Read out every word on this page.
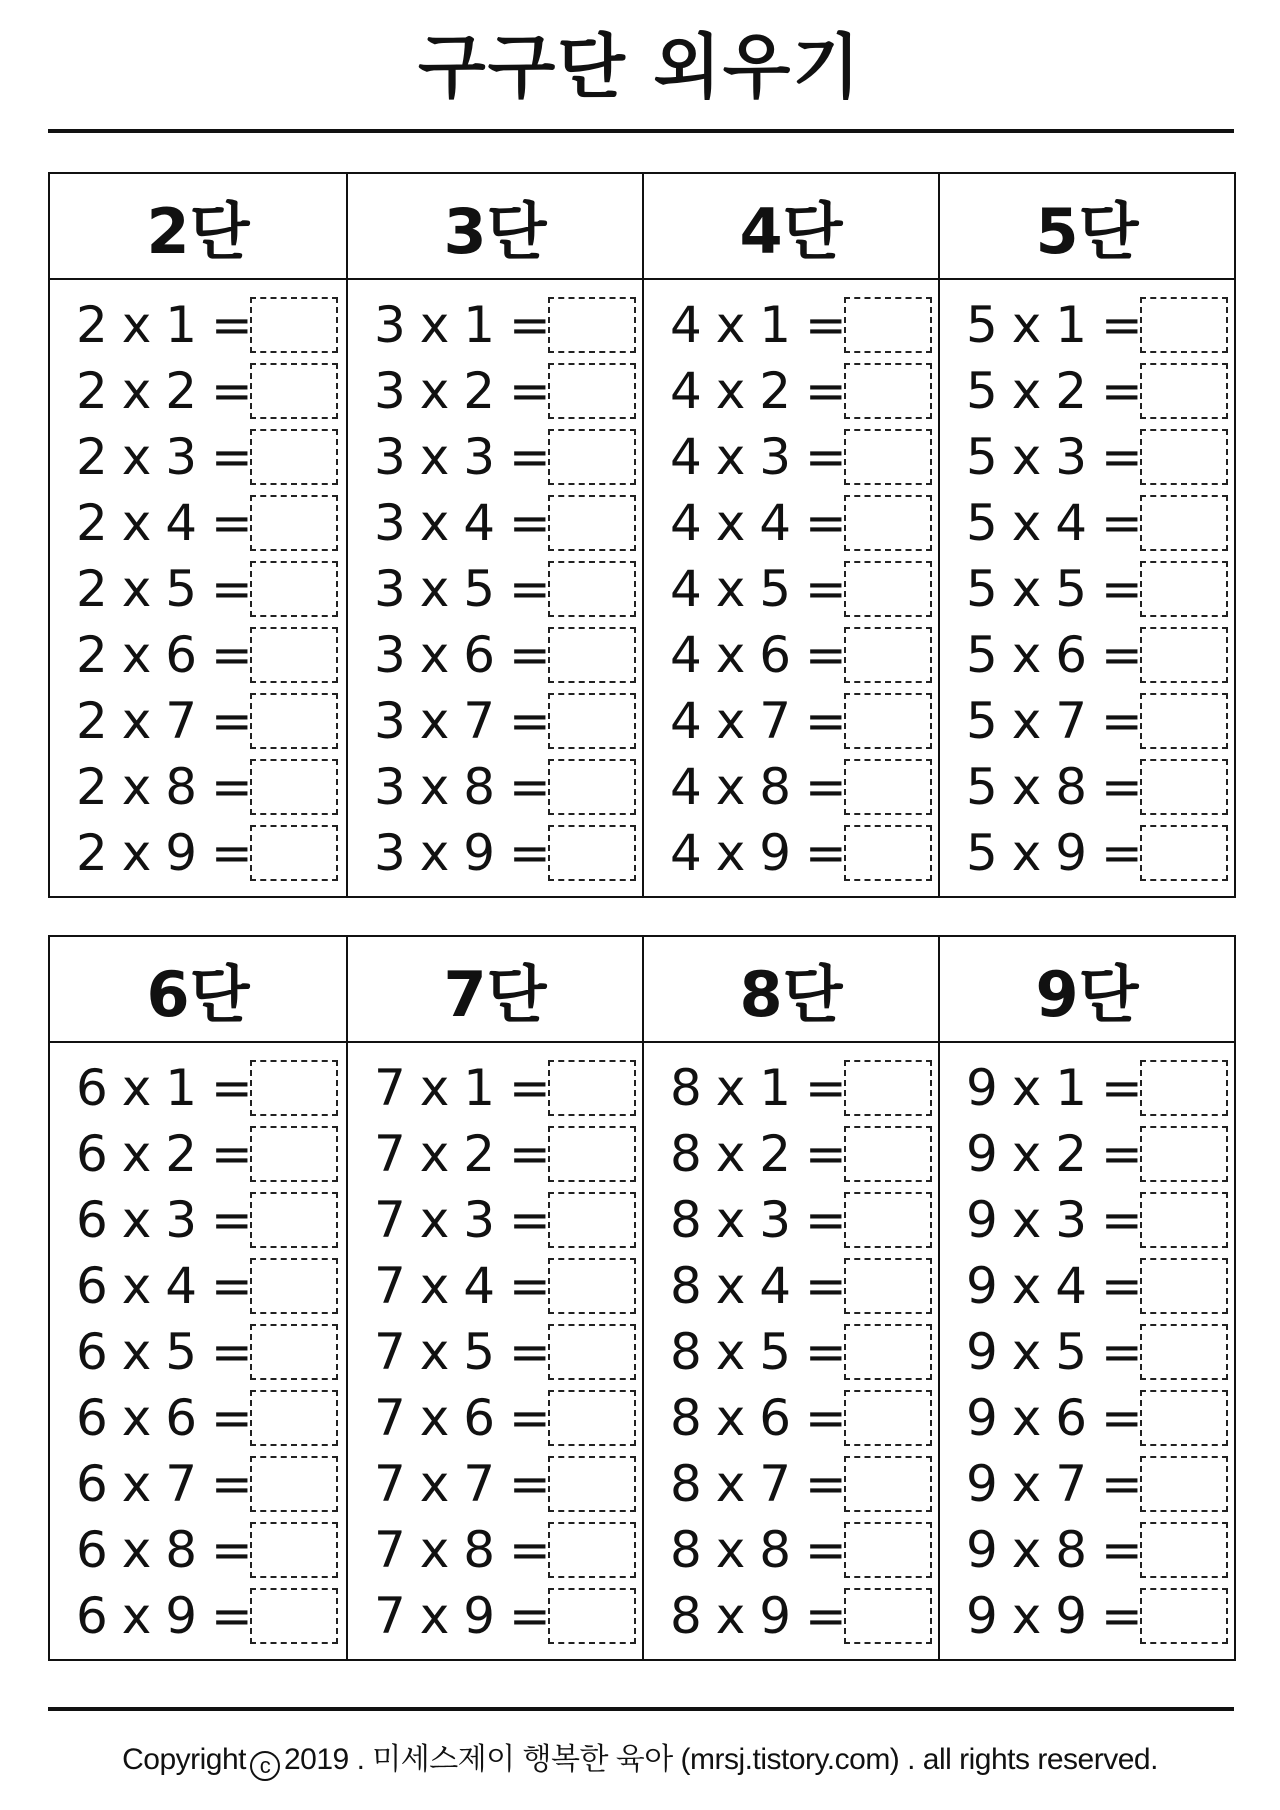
구구단 외우기
2단
2 x 1 =
2 x 2 =
2 x 3 =
2 x 4 =
2 x 5 =
2 x 6 =
2 x 7 =
2 x 8 =
2 x 9 =
3단
3 x 1 =
3 x 2 =
3 x 3 =
3 x 4 =
3 x 5 =
3 x 6 =
3 x 7 =
3 x 8 =
3 x 9 =
4단
4 x 1 =
4 x 2 =
4 x 3 =
4 x 4 =
4 x 5 =
4 x 6 =
4 x 7 =
4 x 8 =
4 x 9 =
5단
5 x 1 =
5 x 2 =
5 x 3 =
5 x 4 =
5 x 5 =
5 x 6 =
5 x 7 =
5 x 8 =
5 x 9 =
6단
6 x 1 =
6 x 2 =
6 x 3 =
6 x 4 =
6 x 5 =
6 x 6 =
6 x 7 =
6 x 8 =
6 x 9 =
7단
7 x 1 =
7 x 2 =
7 x 3 =
7 x 4 =
7 x 5 =
7 x 6 =
7 x 7 =
7 x 8 =
7 x 9 =
8단
8 x 1 =
8 x 2 =
8 x 3 =
8 x 4 =
8 x 5 =
8 x 6 =
8 x 7 =
8 x 8 =
8 x 9 =
9단
9 x 1 =
9 x 2 =
9 x 3 =
9 x 4 =
9 x 5 =
9 x 6 =
9 x 7 =
9 x 8 =
9 x 9 =
Copyright c 2019 . 미세스제이 행복한 육아 (mrsj.tistory.com) . all rights reserved.
